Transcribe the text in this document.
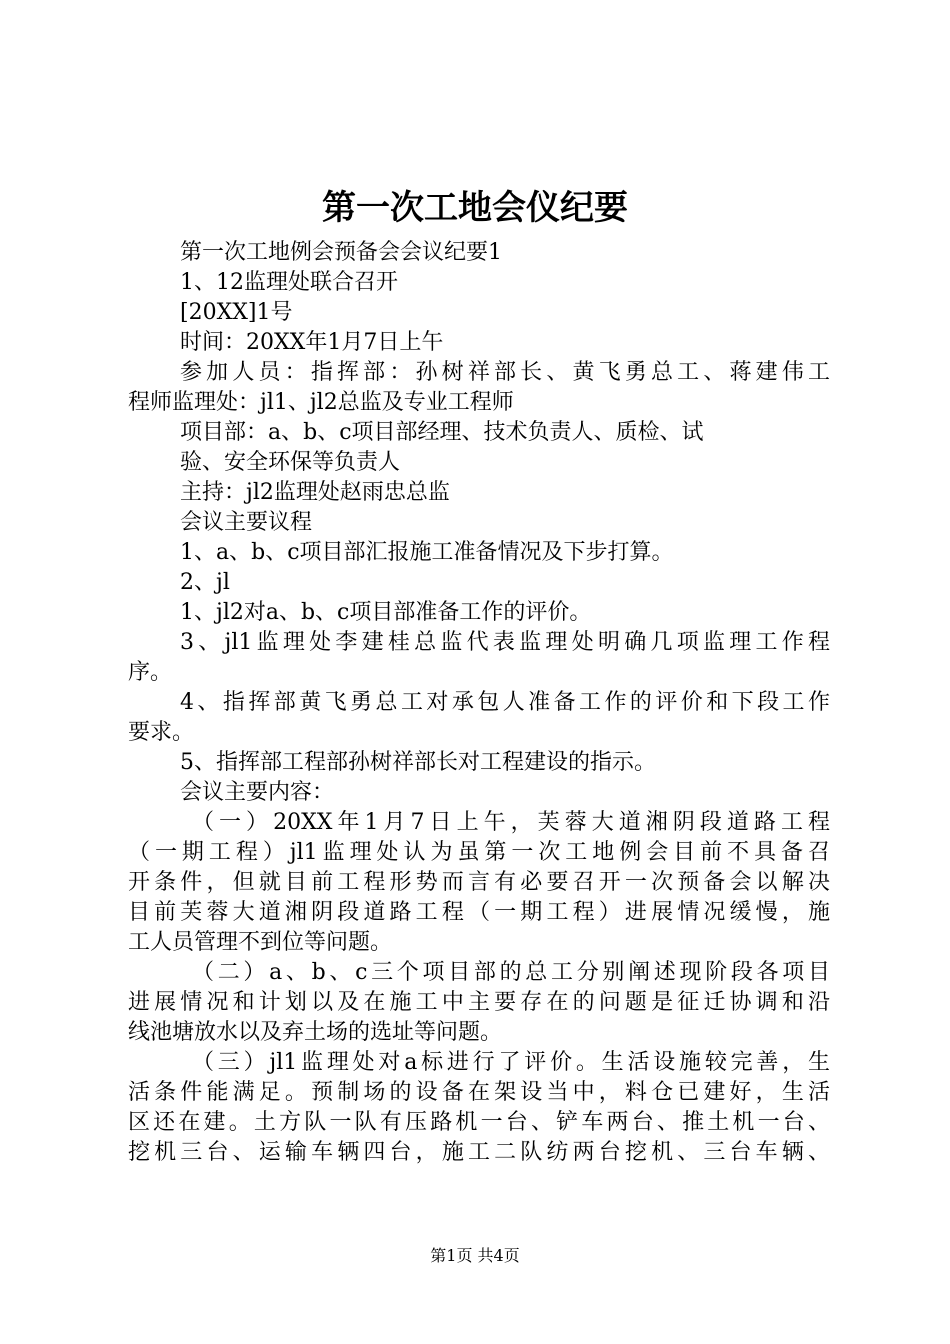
第一次工地会仪纪要
第一次工地例会预备会会议纪要1
1、12监理处联合召开
[20XX]1号
时间：20XX年1月7日上午
参加人员：指挥部：孙树祥部长、黄飞勇总工、蒋建伟工
程师监理处：jl1、jl2总监及专业工程师
项目部：a、b、c项目部经理、技术负责人、质检、试
验、安全环保等负责人
主持：jl2监理处赵雨忠总监
会议主要议程
1、a、b、c项目部汇报施工准备情况及下步打算。
2、jl
1、jl2对a、b、c项目部准备工作的评价。
3、jl1监理处李建桂总监代表监理处明确几项监理工作程
序。
4、指挥部黄飞勇总工对承包人准备工作的评价和下段工作
要求。
5、指挥部工程部孙树祥部长对工程建设的指示。
会议主要内容：
（一）20XX年1月7日上午，芙蓉大道湘阴段道路工程
（一期工程）jl1监理处认为虽第一次工地例会目前不具备召
开条件，但就目前工程形势而言有必要召开一次预备会以解决
目前芙蓉大道湘阴段道路工程（一期工程）进展情况缓慢，施
工人员管理不到位等问题。
（二）a、b、c三个项目部的总工分别阐述现阶段各项目
进展情况和计划以及在施工中主要存在的问题是征迁协调和沿
线池塘放水以及弃土场的选址等问题。
（三）jl1监理处对a标进行了评价。生活设施较完善，生
活条件能满足。预制场的设备在架设当中，料仓已建好，生活
区还在建。土方队一队有压路机一台、铲车两台、推土机一台、
挖机三台、运输车辆四台，施工二队纺两台挖机、三台车辆、
第1页 共4页
